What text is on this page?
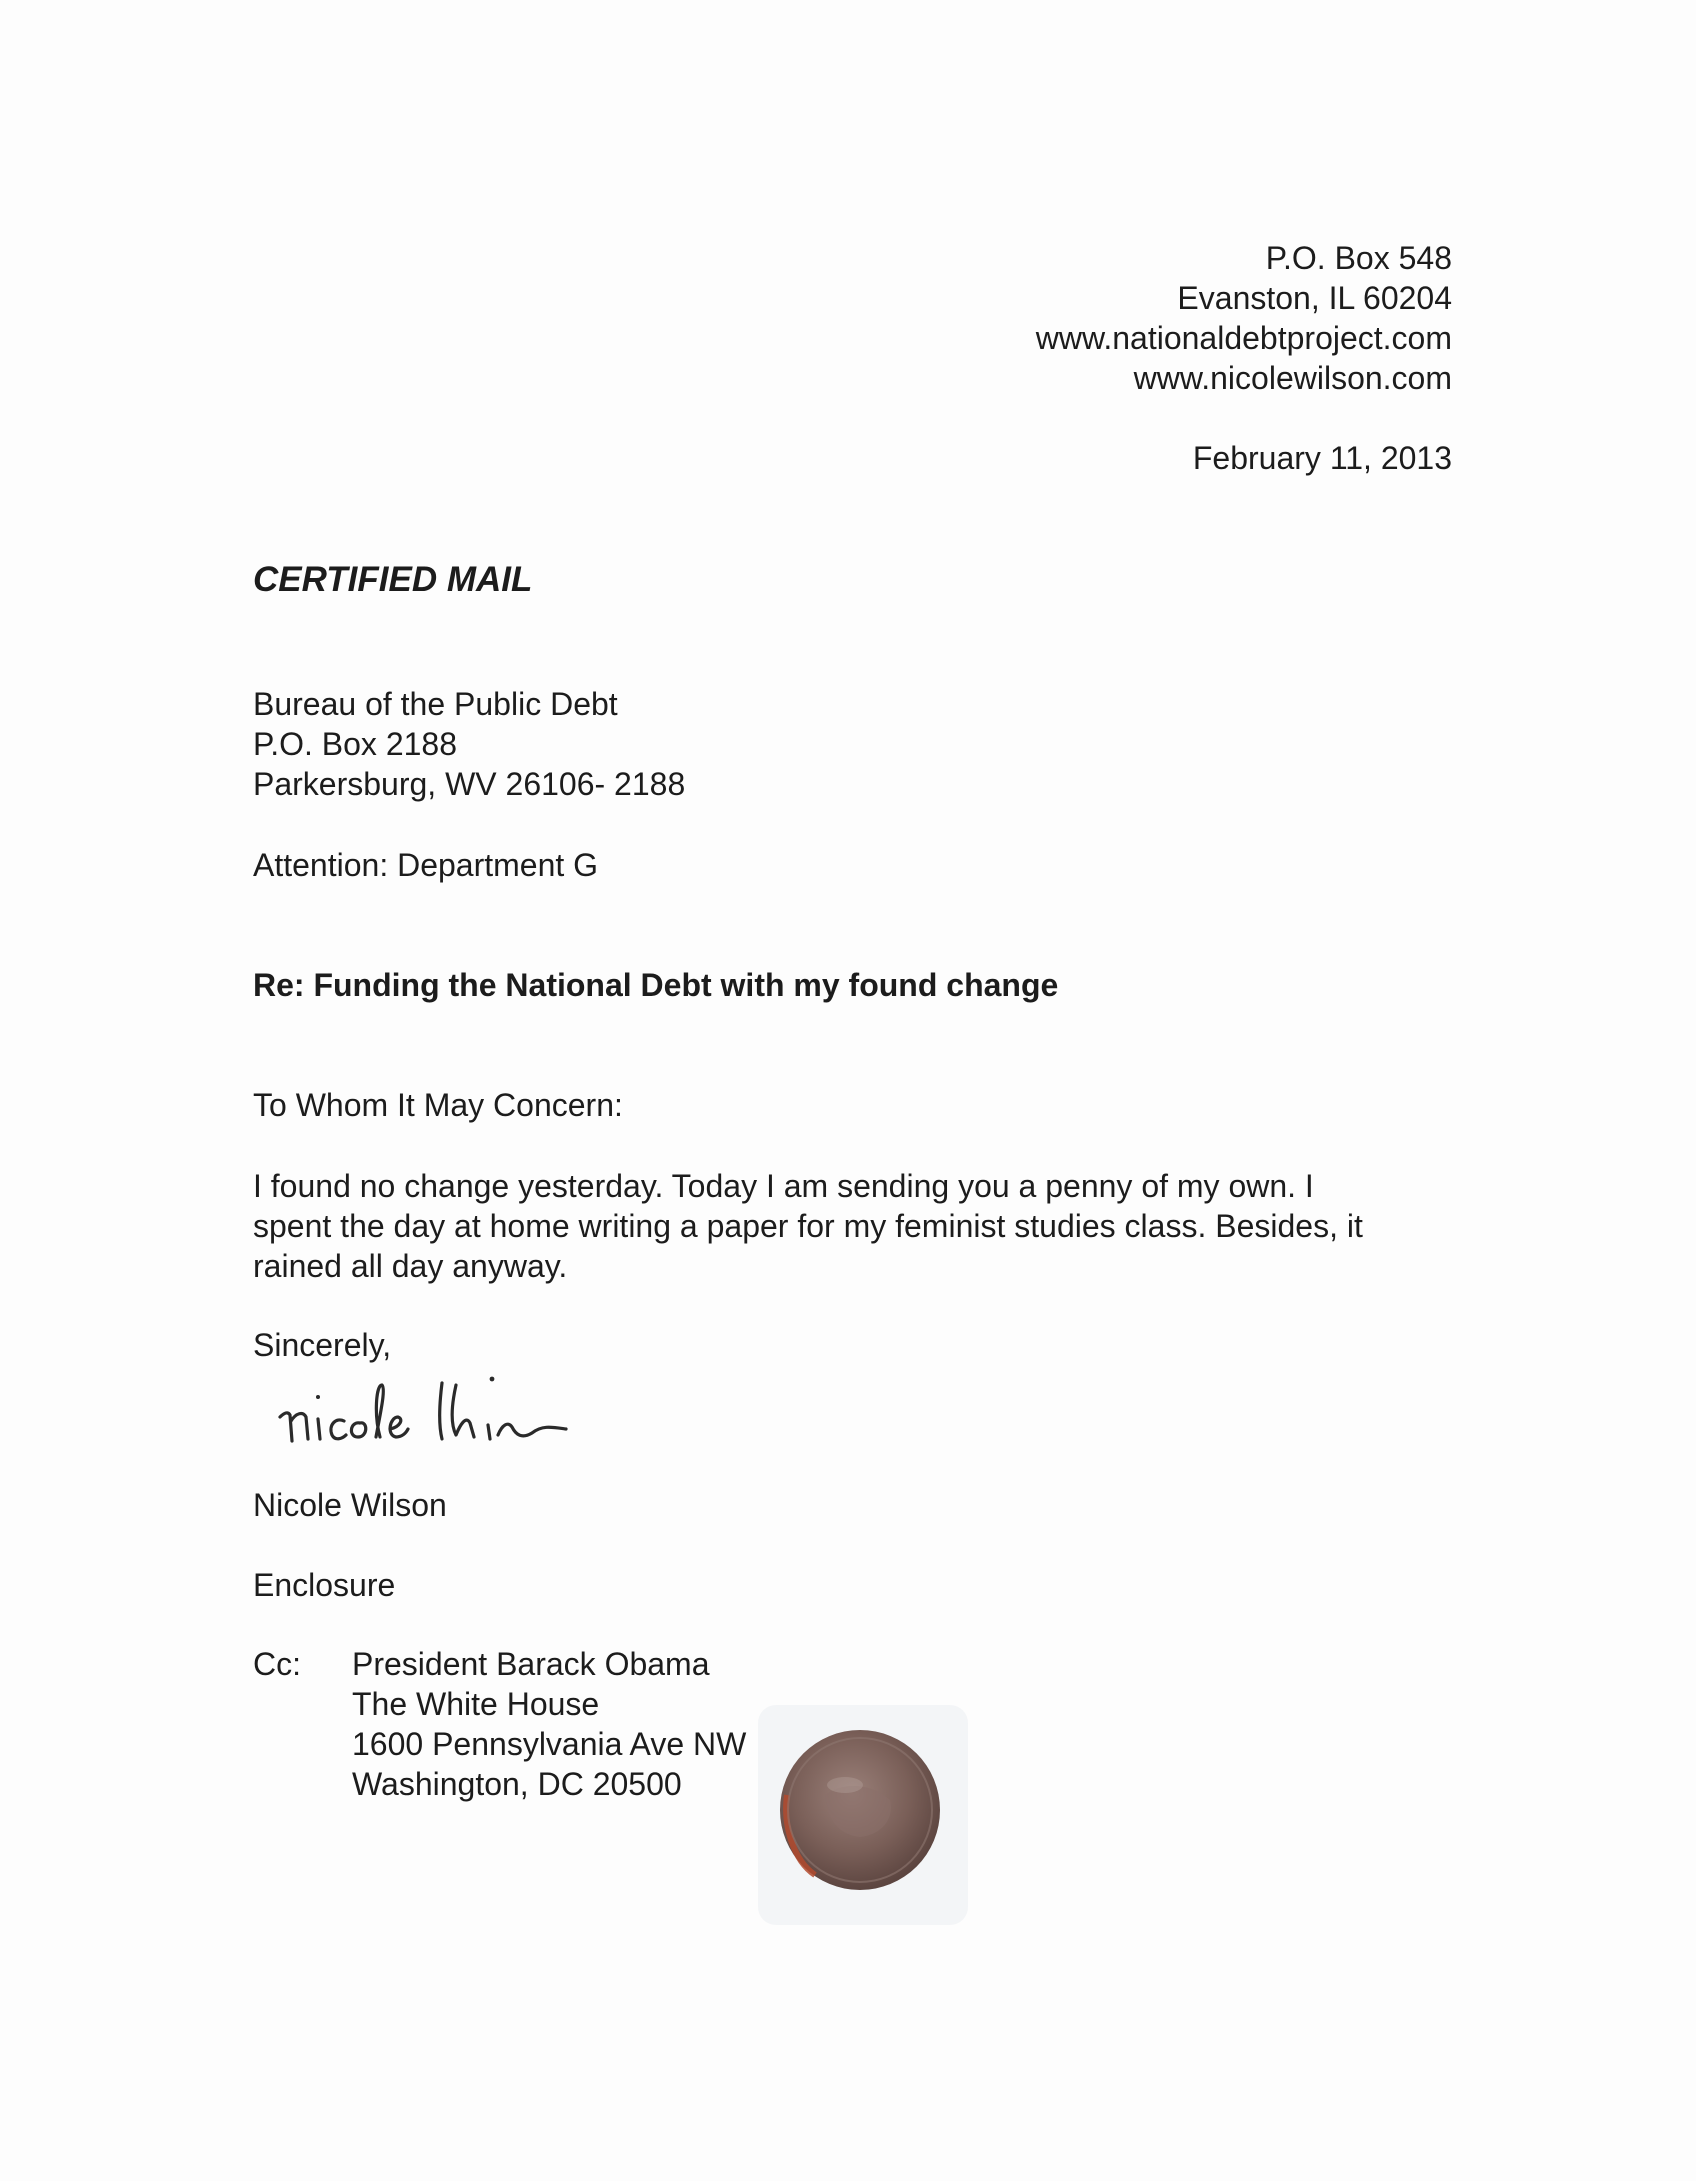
P.O. Box 548
Evanston, IL 60204
www.nationaldebtproject.com
www.nicolewilson.com
February 11, 2013
CERTIFIED MAIL
Bureau of the Public Debt
P.O. Box 2188
Parkersburg, WV 26106- 2188
Attention: Department G
Re: Funding the National Debt with my found change
To Whom It May Concern:
I found no change yesterday. Today I am sending you a penny of my own. I
spent the day at home writing a paper for my feminist studies class. Besides, it
rained all day anyway.
Sincerely,
Nicole Wilson
Enclosure
Cc: President Barack Obama
The White House
1600 Pennsylvania Ave NW
Washington, DC 20500
